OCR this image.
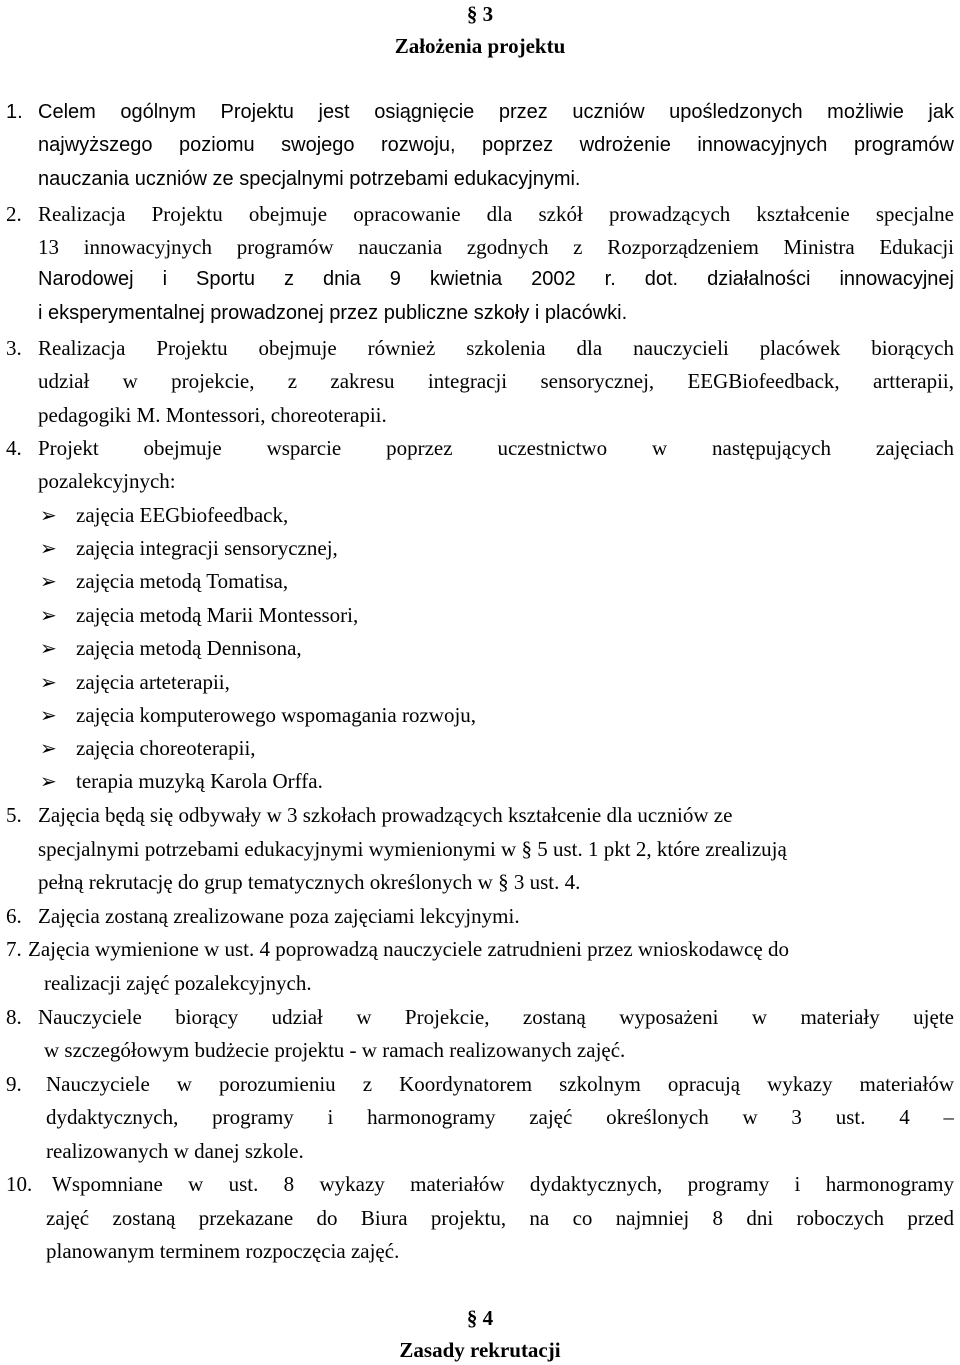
§ 3
Założenia projektu
1. Celem ogólnym Projektu jest osiągnięcie przez uczniów upośledzonych możliwie jak
najwyższego poziomu swojego rozwoju, poprzez wdrożenie innowacyjnych programów
nauczania uczniów ze specjalnymi potrzebami edukacyjnymi.
2. Realizacja Projektu obejmuje opracowanie dla szkół prowadzących kształcenie specjalne
13 innowacyjnych programów nauczania zgodnych z Rozporządzeniem Ministra Edukacji
Narodowej i Sportu z dnia 9 kwietnia 2002 r. dot. działalności innowacyjnej
i eksperymentalnej prowadzonej przez publiczne szkoły i placówki.
3. Realizacja Projektu obejmuje również szkolenia dla nauczycieli placówek biorących
udział w projekcie, z zakresu integracji sensorycznej, EEGBiofeedback, artterapii,
pedagogiki M. Montessori, choreoterapii.
4. Projekt obejmuje wsparcie poprzez uczestnictwo w następujących zajęciach
pozalekcyjnych:
➢ zajęcia EEGbiofeedback,
➢ zajęcia integracji sensorycznej,
➢ zajęcia metodą Tomatisa,
➢ zajęcia metodą Marii Montessori,
➢ zajęcia metodą Dennisona,
➢ zajęcia arteterapii,
➢ zajęcia komputerowego wspomagania rozwoju,
➢ zajęcia choreoterapii,
➢ terapia muzyką Karola Orffa.
5. Zajęcia będą się odbywały w 3 szkołach prowadzących kształcenie dla uczniów ze
specjalnymi potrzebami edukacyjnymi wymienionymi w § 5 ust. 1 pkt 2, które zrealizują
pełną rekrutację do grup tematycznych określonych w § 3 ust. 4.
6. Zajęcia zostaną zrealizowane poza zajęciami lekcyjnymi.
7. Zajęcia wymienione w ust. 4 poprowadzą nauczyciele zatrudnieni przez wnioskodawcę do
realizacji zajęć pozalekcyjnych.
8. Nauczyciele biorący udział w Projekcie, zostaną wyposażeni w materiały ujęte
w szczegółowym budżecie projektu - w ramach realizowanych zajęć.
9. Nauczyciele w porozumieniu z Koordynatorem szkolnym opracują wykazy materiałów
dydaktycznych, programy i harmonogramy zajęć określonych w 3 ust. 4 –
realizowanych w danej szkole.
10. Wspomniane w ust. 8 wykazy materiałów dydaktycznych, programy i harmonogramy
zajęć zostaną przekazane do Biura projektu, na co najmniej 8 dni roboczych przed
planowanym terminem rozpoczęcia zajęć.
§ 4
Zasady rekrutacji
